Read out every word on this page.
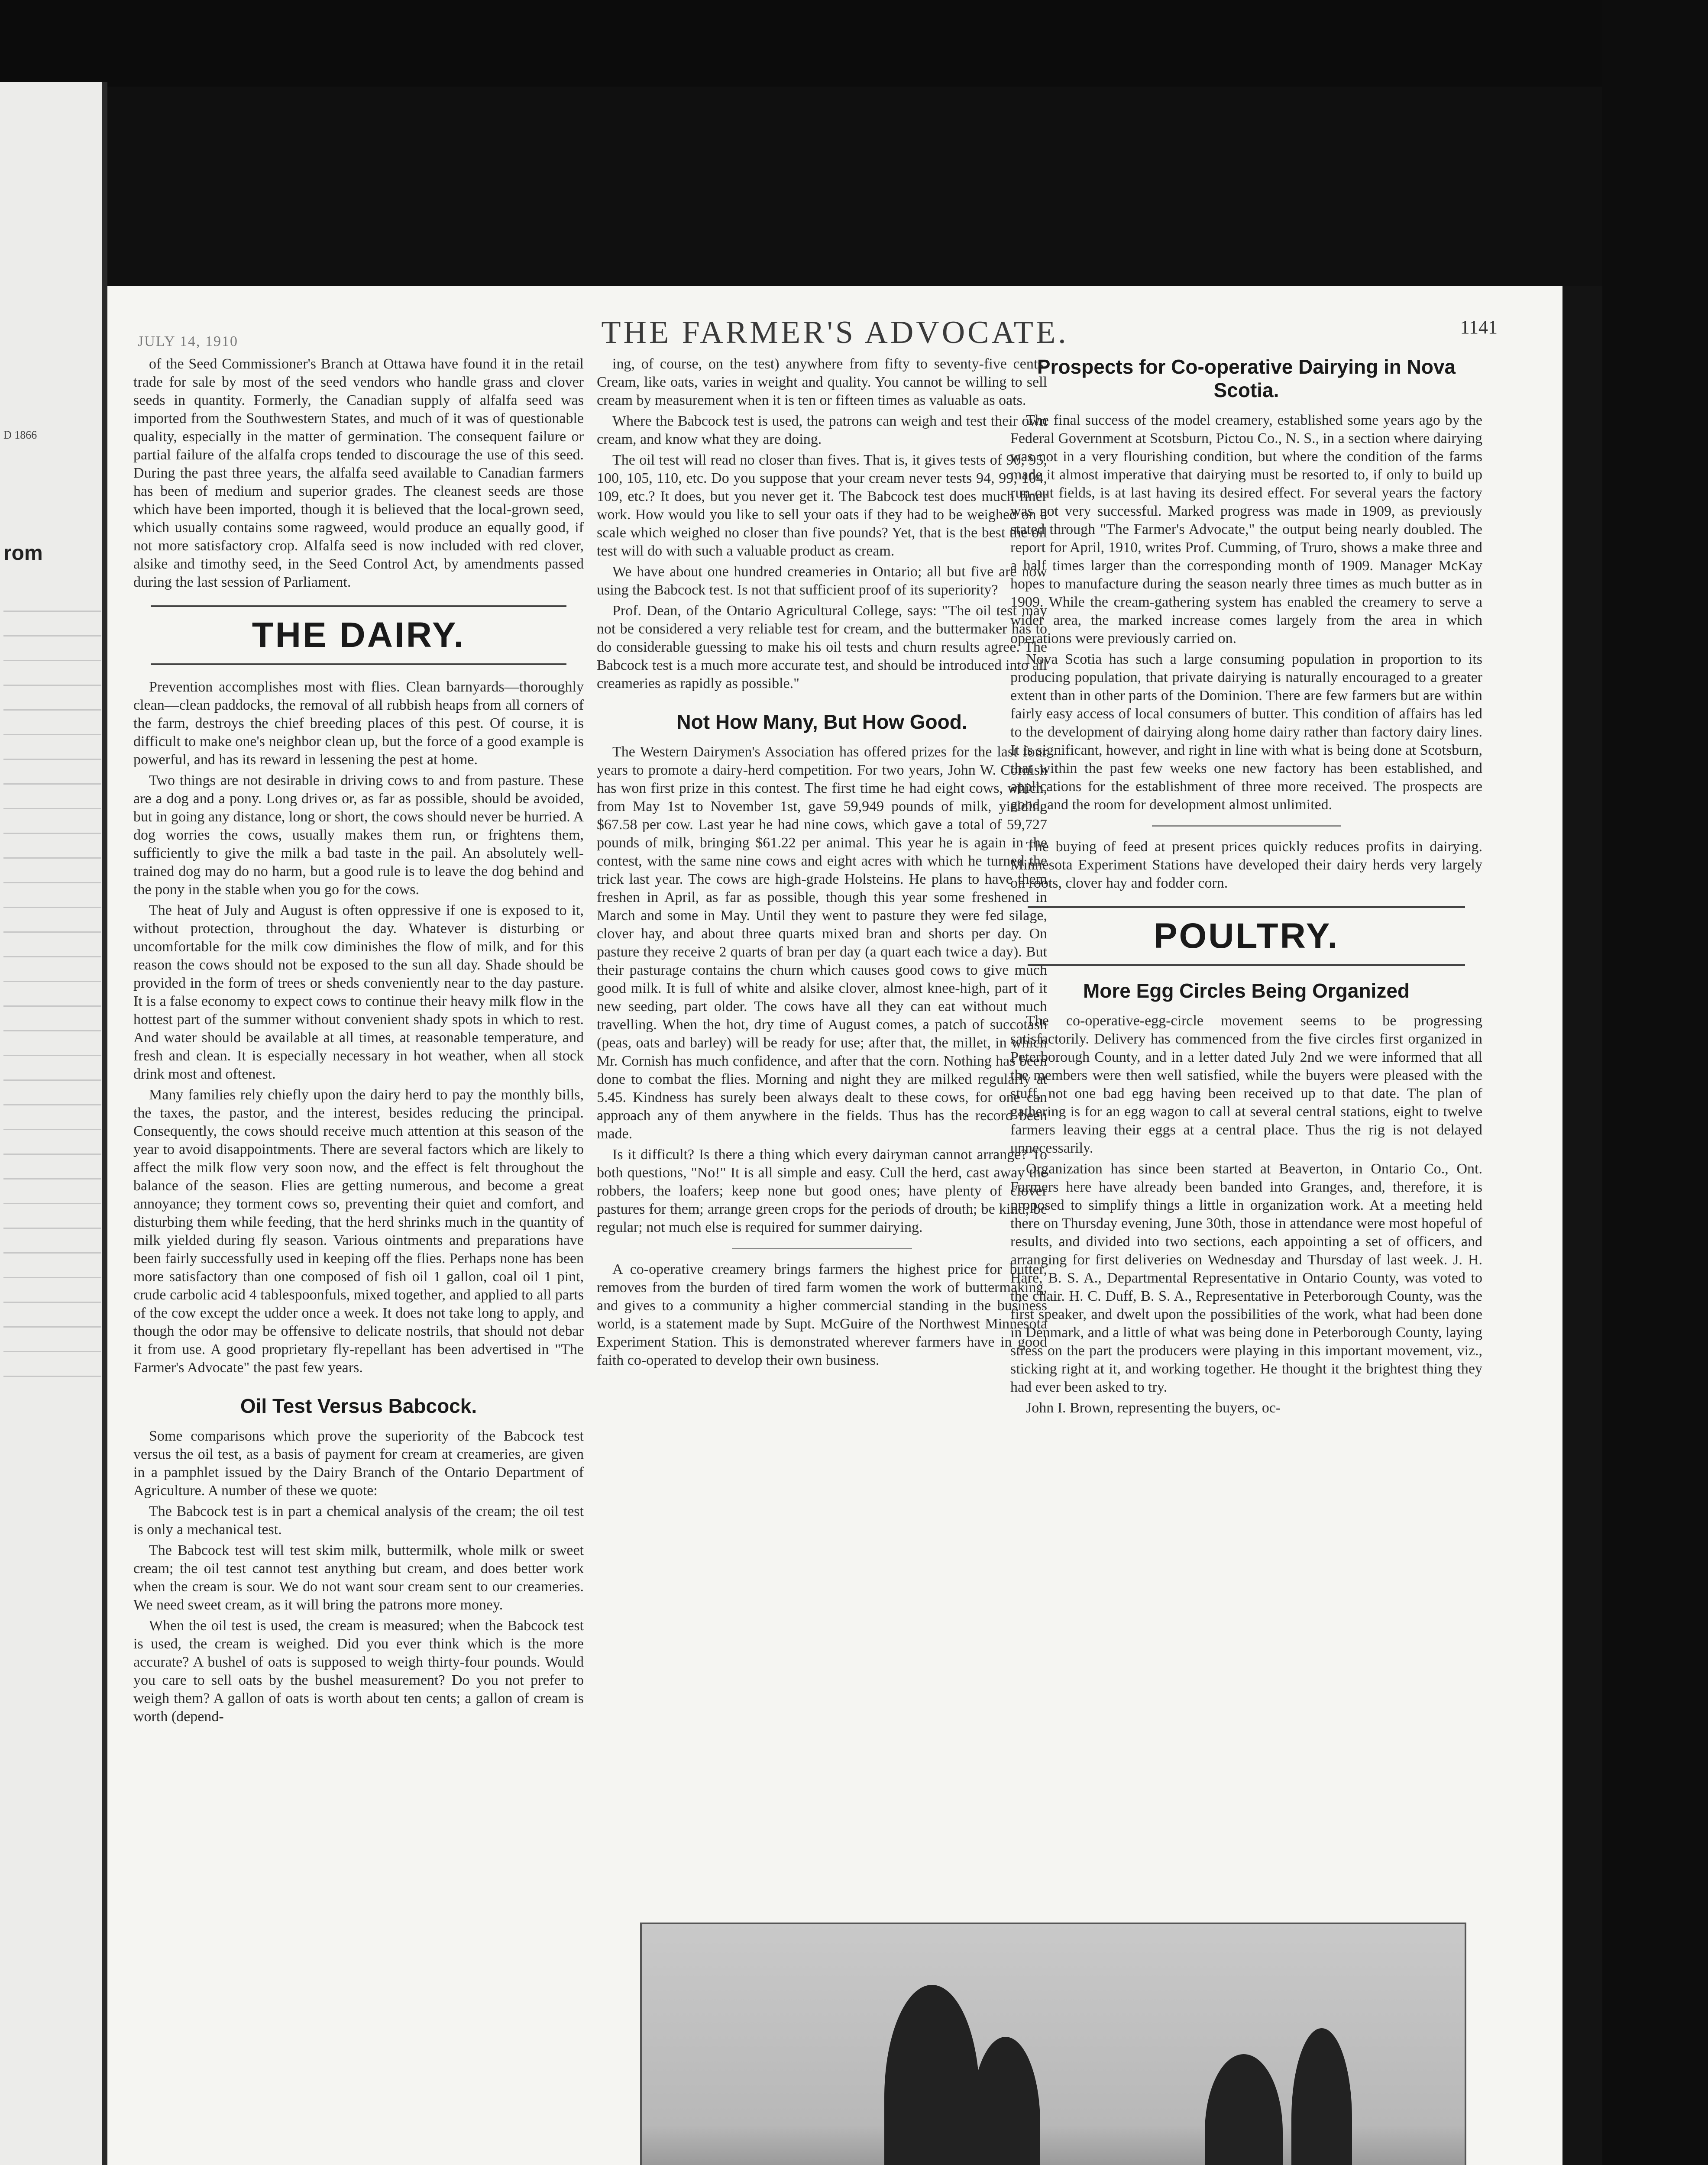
D 1866
rom
JULY 14, 1910	THE FARMER'S ADVOCATE.	1141

of the Seed Commissioner's Branch at Ottawa have found it in the retail trade for sale by most of the seed vendors who handle grass and clover seeds in quantity. Formerly, the Canadian supply of alfalfa seed was imported from the Southwestern States, and much of it was of questionable quality, especially in the matter of germination. The consequent failure or partial failure of the alfalfa crops tended to discourage the use of this seed. During the past three years, the alfalfa seed available to Canadian farmers has been of medium and superior grades. The cleanest seeds are those which have been imported, though it is believed that the local-grown seed, which usually contains some ragweed, would produce an equally good, if not more satisfactory crop. Alfalfa seed is now included with red clover, alsike and timothy seed, in the Seed Control Act, by amendments passed during the last session of Parliament.

THE DAIRY.

Prevention accomplishes most with flies. Clean barnyards—thoroughly clean—clean paddocks, the removal of all rubbish heaps from all corners of the farm, destroys the chief breeding places of this pest. Of course, it is difficult to make one's neighbor clean up, but the force of a good example is powerful, and has its reward in lessening the pest at home.

Two things are not desirable in driving cows to and from pasture. These are a dog and a pony. Long drives or, as far as possible, should be avoided, but in going any distance, long or short, the cows should never be hurried. A dog worries the cows, usually makes them run, or frightens them, sufficiently to give the milk a bad taste in the pail. An absolutely well-trained dog may do no harm, but a good rule is to leave the dog behind and the pony in the stable when you go for the cows.

The heat of July and August is often oppressive if one is exposed to it, without protection, throughout the day. Whatever is disturbing or uncomfortable for the milk cow diminishes the flow of milk, and for this reason the cows should not be exposed to the sun all day. Shade should be provided in the form of trees or sheds conveniently near to the day pasture. It is a false economy to expect cows to continue their heavy milk flow in the hottest part of the summer without convenient shady spots in which to rest. And water should be available at all times, at reasonable temperature, and fresh and clean. It is especially necessary in hot weather, when all stock drink most and oftenest.

Many families rely chiefly upon the dairy herd to pay the monthly bills, the taxes, the pastor, and the interest, besides reducing the principal. Consequently, the cows should receive much attention at this season of the year to avoid disappointments. There are several factors which are likely to affect the milk flow very soon now, and the effect is felt throughout the balance of the season. Flies are getting numerous, and become a great annoyance; they torment cows so, preventing their quiet and comfort, and disturbing them while feeding, that the herd shrinks much in the quantity of milk yielded during fly season. Various ointments and preparations have been fairly successfully used in keeping off the flies. Perhaps none has been more satisfactory than one composed of fish oil 1 gallon, coal oil 1 pint, crude carbolic acid 4 tablespoonfuls, mixed together, and applied to all parts of the cow except the udder once a week. It does not take long to apply, and though the odor may be offensive to delicate nostrils, that should not debar it from use. A good proprietary fly-repellant has been advertised in "The Farmer's Advocate" the past few years.

Oil Test Versus Babcock.

Some comparisons which prove the superiority of the Babcock test versus the oil test, as a basis of payment for cream at creameries, are given in a pamphlet issued by the Dairy Branch of the Ontario Department of Agriculture. A number of these we quote:

The Babcock test is in part a chemical analysis of the cream; the oil test is only a mechanical test.

The Babcock test will test skim milk, buttermilk, whole milk or sweet cream; the oil test cannot test anything but cream, and does better work when the cream is sour. We do not want sour cream sent to our creameries. We need sweet cream, as it will bring the patrons more money.

When the oil test is used, the cream is measured; when the Babcock test is used, the cream is weighed. Did you ever think which is the more accurate? A bushel of oats is supposed to weigh thirty-four pounds. Would you care to sell oats by the bushel measurement? Do you not prefer to weigh them? A gallon of oats is worth about ten cents; a gallon of cream is worth (depend-

ing, of course, on the test) anywhere from fifty to seventy-five cents. Cream, like oats, varies in weight and quality. You cannot be willing to sell cream by measurement when it is ten or fifteen times as valuable as oats.

Where the Babcock test is used, the patrons can weigh and test their own cream, and know what they are doing.

The oil test will read no closer than fives. That is, it gives tests of 90, 95, 100, 105, 110, etc. Do you suppose that your cream never tests 94, 99, 104, 109, etc.? It does, but you never get it. The Babcock test does much finer work. How would you like to sell your oats if they had to be weighed on a scale which weighed no closer than five pounds? Yet, that is the best the oil test will do with such a valuable product as cream.

We have about one hundred creameries in Ontario; all but five are now using the Babcock test. Is not that sufficient proof of its superiority?

Prof. Dean, of the Ontario Agricultural College, says: "The oil test may not be considered a very reliable test for cream, and the buttermaker has to do considerable guessing to make his oil tests and churn results agree. The Babcock test is a much more accurate test, and should be introduced into all creameries as rapidly as possible."

Not How Many, But How Good.

The Western Dairymen's Association has offered prizes for the last four years to promote a dairy-herd competition. For two years, John W. Cornish has won first prize in this contest. The first time he had eight cows, which, from May 1st to November 1st, gave 59,949 pounds of milk, yielding $67.58 per cow. Last year he had nine cows, which gave a total of 59,727 pounds of milk, bringing $61.22 per animal. This year he is again in the contest, with the same nine cows and eight acres with which he turned the trick last year. The cows are high-grade Holsteins. He plans to have them freshen in April, as far as possible, though this year some freshened in March and some in May. Until they went to pasture they were fed silage, clover hay, and about three quarts mixed bran and shorts per day. On pasture they receive 2 quarts of bran per day (a quart each twice a day). But their pasturage contains the churn which causes good cows to give much good milk. It is full of white and alsike clover, almost knee-high, part of it new seeding, part older. The cows have all they can eat without much travelling. When the hot, dry time of August comes, a patch of succotash (peas, oats and barley) will be ready for use; after that, the millet, in which Mr. Cornish has much confidence, and after that the corn. Nothing has been done to combat the flies. Morning and night they are milked regularly at 5.45. Kindness has surely been always dealt to these cows, for one can approach any of them anywhere in the fields. Thus has the record been made.

Is it difficult? Is there a thing which every dairyman cannot arrange? To both questions, "No!" It is all simple and easy. Cull the herd, cast away the robbers, the loafers; keep none but good ones; have plenty of clover pastures for them; arrange green crops for the periods of drouth; be kind; be regular; not much else is required for summer dairying.

A co-operative creamery brings farmers the highest price for butter, removes from the burden of tired farm women the work of buttermaking, and gives to a community a higher commercial standing in the business world, is a statement made by Supt. McGuire of the Northwest Minnesota Experiment Station. This is demonstrated wherever farmers have in good faith co-operated to develop their own business.

Prospects for Co-operative Dairying in Nova Scotia.

The final success of the model creamery, established some years ago by the Federal Government at Scotsburn, Pictou Co., N. S., in a section where dairying was not in a very flourishing condition, but where the condition of the farms made it almost imperative that dairying must be resorted to, if only to build up run-out fields, is at last having its desired effect. For several years the factory was not very successful. Marked progress was made in 1909, as previously stated through "The Farmer's Advocate," the output being nearly doubled. The report for April, 1910, writes Prof. Cumming, of Truro, shows a make three and a half times larger than the corresponding month of 1909. Manager McKay hopes to manufacture during the season nearly three times as much butter as in 1909. While the cream-gathering system has enabled the creamery to serve a wider area, the marked increase comes largely from the area in which operations were previously carried on.

Nova Scotia has such a large consuming population in proportion to its producing population, that private dairying is naturally encouraged to a greater extent than in other parts of the Dominion. There are few farmers but are within fairly easy access of local consumers of butter. This condition of affairs has led to the development of dairying along home dairy rather than factory dairy lines. It is significant, however, and right in line with what is being done at Scotsburn, that within the past few weeks one new factory has been established, and applications for the establishment of three more received. The prospects are good, and the room for development almost unlimited.

The buying of feed at present prices quickly reduces profits in dairying. Minnesota Experiment Stations have developed their dairy herds very largely on roots, clover hay and fodder corn.

POULTRY.
More Egg Circles Being Organized

The co-operative-egg-circle movement seems to be progressing satisfactorily. Delivery has commenced from the five circles first organized in Peterborough County, and in a letter dated July 2nd we were informed that all the members were then well satisfied, while the buyers were pleased with the stuff, not one bad egg having been received up to that date. The plan of gathering is for an egg wagon to call at several central stations, eight to twelve farmers leaving their eggs at a central place. Thus the rig is not delayed unnecessarily.

Organization has since been started at Beaverton, in Ontario Co., Ont. Farmers here have already been banded into Granges, and, therefore, it is proposed to simplify things a little in organization work. At a meeting held there on Thursday evening, June 30th, those in attendance were most hopeful of results, and divided into two sections, each appointing a set of officers, and arranging for first deliveries on Wednesday and Thursday of last week. J. H. Hare, B. S. A., Departmental Representative in Ontario County, was voted to the chair. H. C. Duff, B. S. A., Representative in Peterborough County, was the first speaker, and dwelt upon the possibilities of the work, what had been done in Denmark, and a little of what was being done in Peterborough County, laying stress on the part the producers were playing in this important movement, viz., sticking right at it, and working together. He thought it the brightest thing they had ever been asked to try.

John I. Brown, representing the buyers, oc-
